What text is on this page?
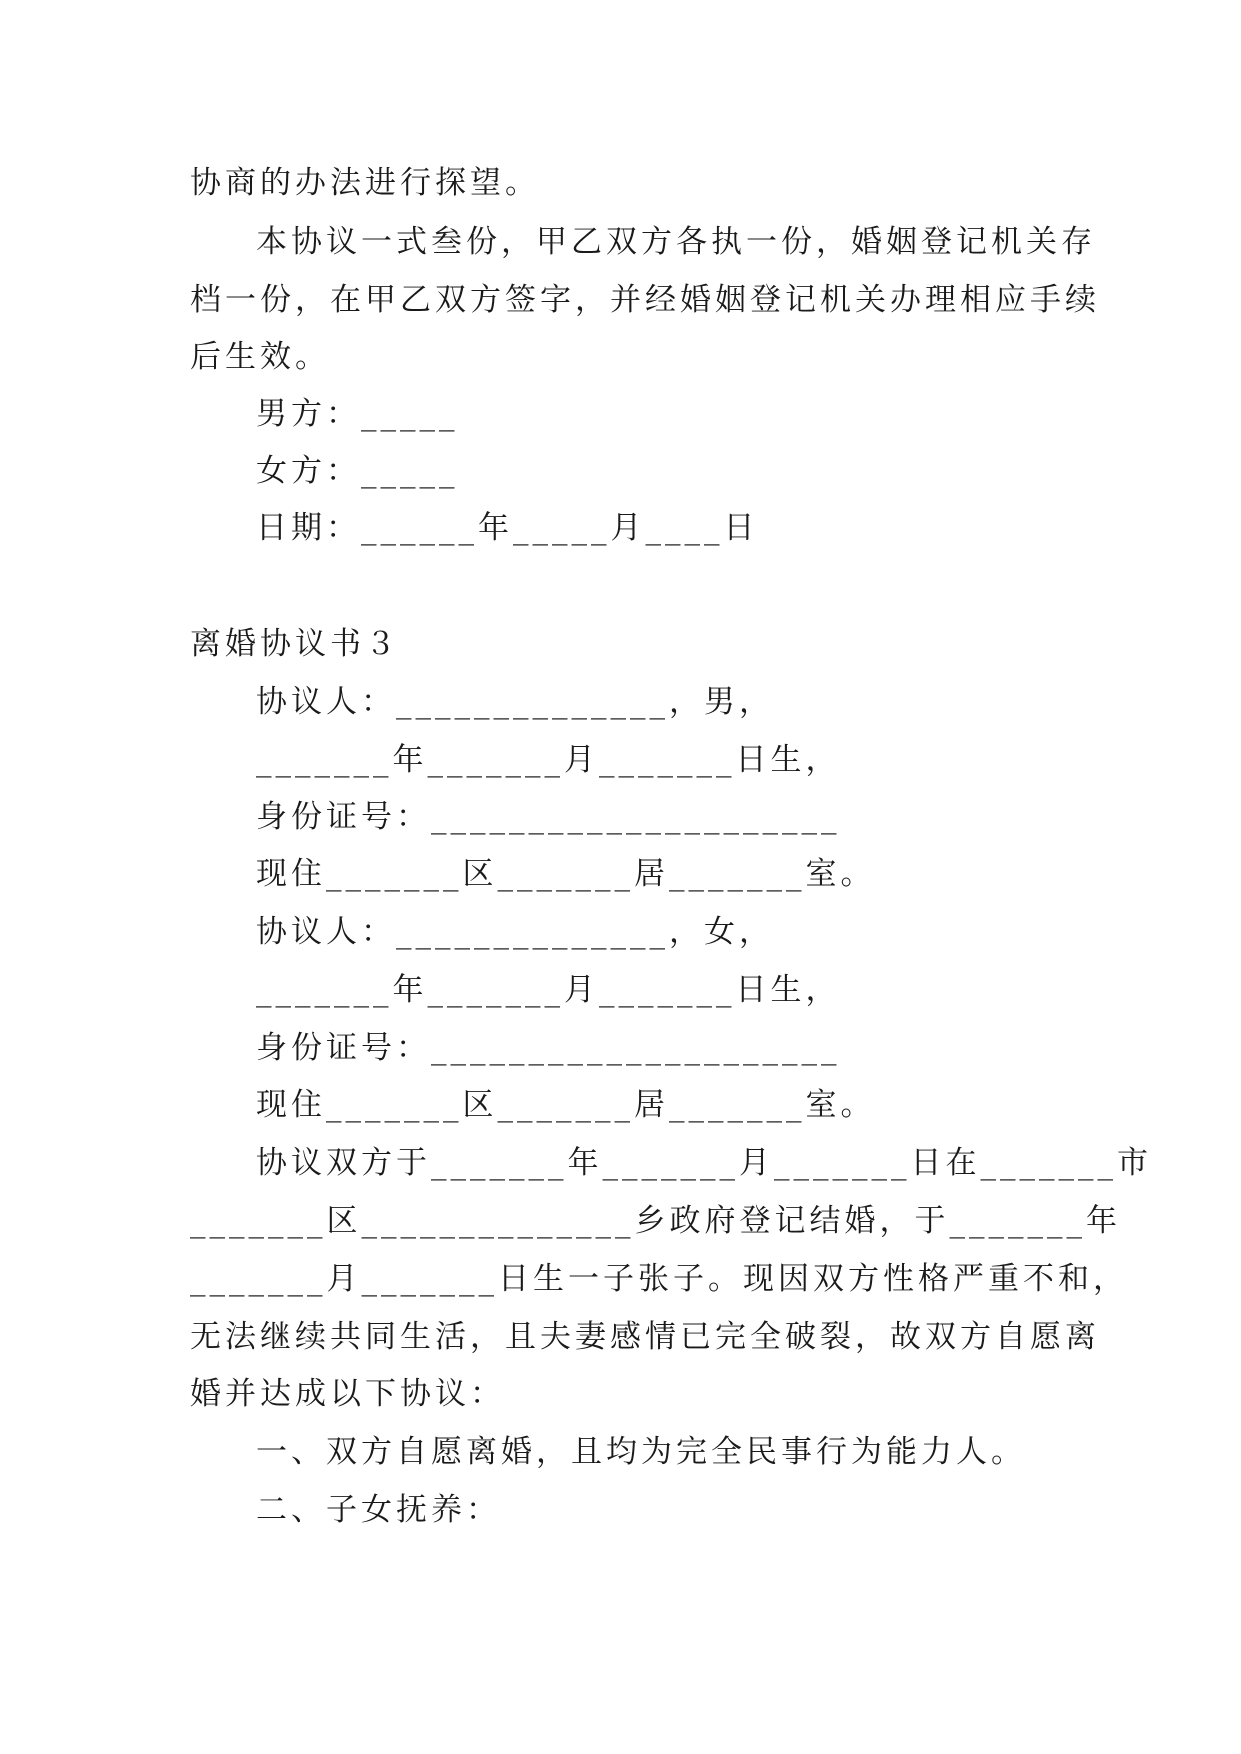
协商的办法进行探望。
本协议一式叁份，甲乙双方各执一份，婚姻登记机关存
档一份，在甲乙双方签字，并经婚姻登记机关办理相应手续
后生效。
男方：_____
女方：_____
日期：______年_____月____日
离婚协议书３
协议人：______________，男，
_______年_______月_______日生，
身份证号：_____________________
现住_______区_______居_______室。
协议人：______________，女，
_______年_______月_______日生，
身份证号：_____________________
现住_______区_______居_______室。
协议双方于_______年_______月_______日在_______市
_______区______________乡政府登记结婚，于_______年
_______月_______日生一子张子。现因双方性格严重不和，
无法继续共同生活，且夫妻感情已完全破裂，故双方自愿离
婚并达成以下协议：
一、双方自愿离婚，且均为完全民事行为能力人。
二、子女抚养：
